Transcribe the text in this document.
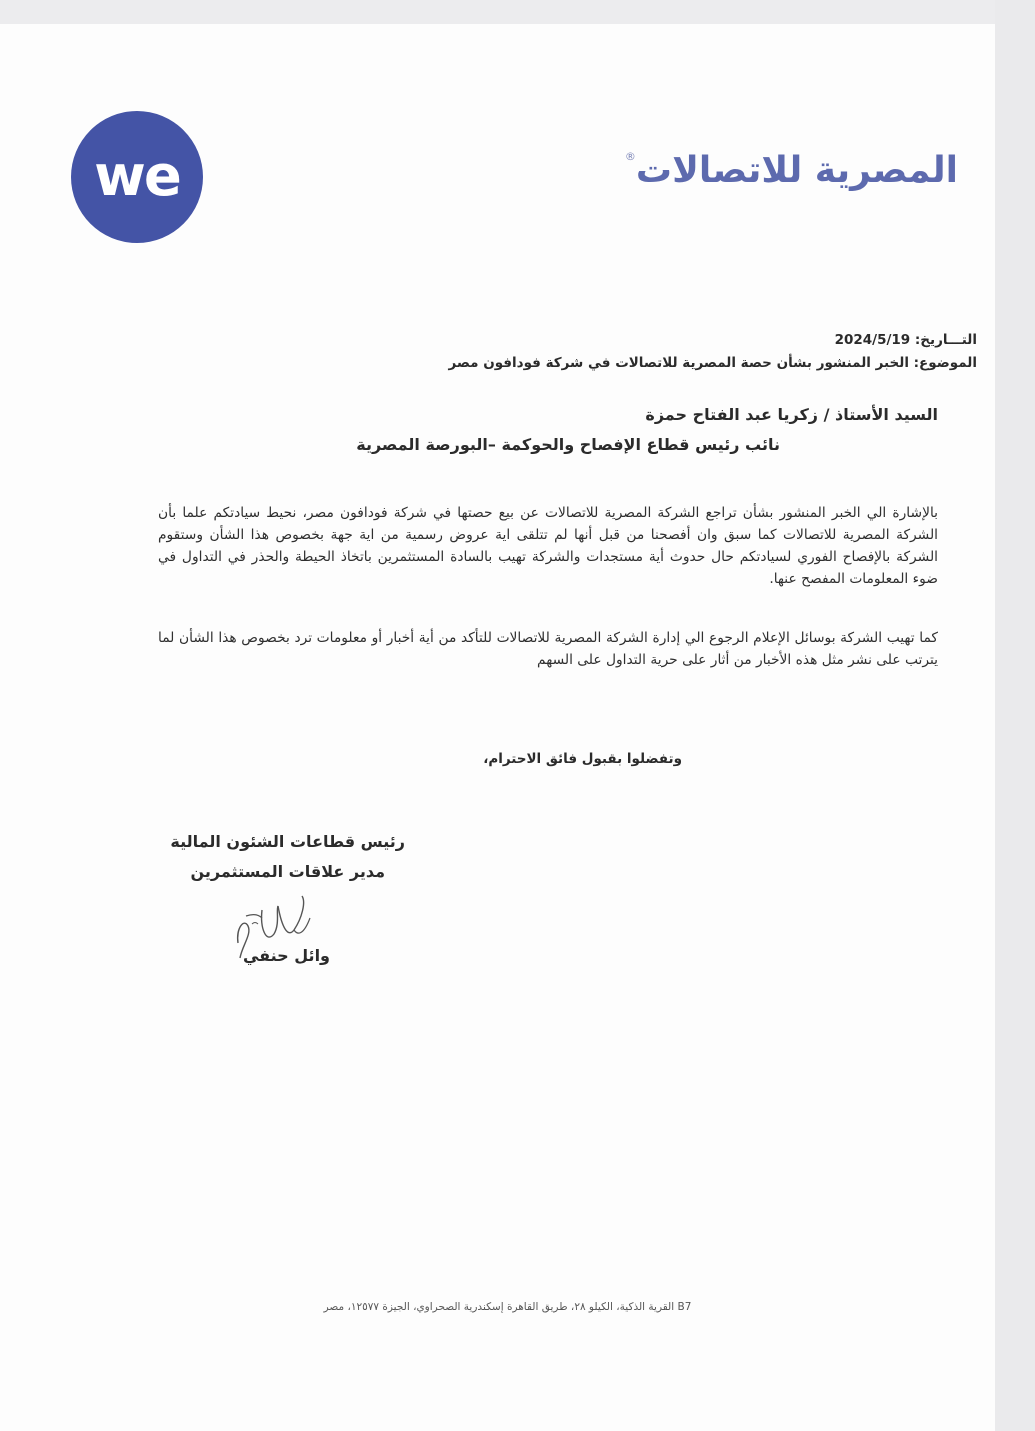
we	المصرية للاتصالات®
التـــاريخ: 2024/5/19
الموضوع: الخبر المنشور بشأن حصة المصرية للاتصالات في شركة فودافون مصر
السيد الأستاذ / زكريا عبد الفتاح حمزة
نائب رئيس قطاع الإفصاح والحوكمة –البورصة المصرية
بالإشارة الي الخبر المنشور بشأن تراجع الشركة المصرية للاتصالات عن بيع حصتها في شركة فودافون مصر، نحيط سيادتكم علما بأن الشركة المصرية للاتصالات كما سبق وان أفصحنا من قبل أنها لم تتلقى اية عروض رسمية من اية جهة بخصوص هذا الشأن وستقوم الشركة بالإفصاح الفوري لسيادتكم حال حدوث أية مستجدات والشركة تهيب بالسادة المستثمرين باتخاذ الحيطة والحذر في التداول في ضوء المعلومات المفصح عنها.
كما تهيب الشركة بوسائل الإعلام الرجوع الي إدارة الشركة المصرية للاتصالات للتأكد من أية أخبار أو معلومات ترد بخصوص هذا الشأن لما يترتب على نشر مثل هذه الأخبار من أثار على حرية التداول على السهم
وتفضلوا بقبول فائق الاحترام،
رئيس قطاعات الشئون المالية
مدير علاقات المستثمرين
وائل حنفي
B7 القرية الذكية، الكيلو ٢٨، طريق القاهرة إسكندرية الصحراوي، الجيزة ١٢٥٧٧، مصر
